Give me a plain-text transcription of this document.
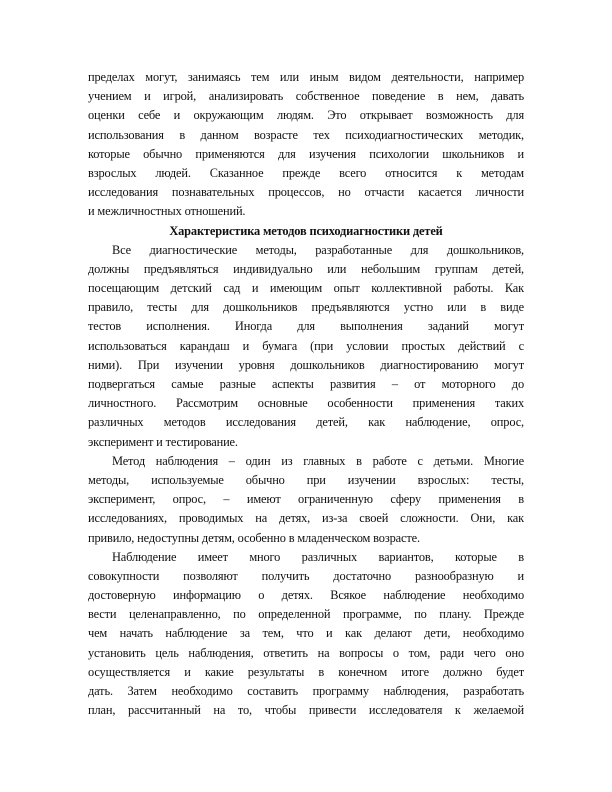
пределах могут, занимаясь тем или иным видом деятельности, например
учением и игрой, анализировать собственное поведение в нем, давать
оценки себе и окружающим людям. Это открывает возможность для
использования в данном возрасте тех психодиагностических методик,
которые обычно применяются для изучения психологии школьников и
взрослых людей. Сказанное прежде всего относится к методам
исследования познавательных процессов, но отчасти касается личности
и межличностных отношений.
Характеристика методов психодиагностики детей
Все диагностические методы, разработанные для дошкольников,
должны предъявляться индивидуально или небольшим группам детей,
посещающим детский сад и имеющим опыт коллективной работы. Как
правило, тесты для дошкольников предъявляются устно или в виде
тестов исполнения. Иногда для выполнения заданий могут
использоваться карандаш и бумага (при условии простых действий с
ними). При изучении уровня дошкольников диагностированию могут
подвергаться самые разные аспекты развития – от моторного до
личностного. Рассмотрим основные особенности применения таких
различных методов исследования детей, как наблюдение, опрос,
эксперимент и тестирование.
Метод наблюдения – один из главных в работе с детьми. Многие
методы, используемые обычно при изучении взрослых: тесты,
эксперимент, опрос, – имеют ограниченную сферу применения в
исследованиях, проводимых на детях, из-за своей сложности. Они, как
привило, недоступны детям, особенно в младенческом возрасте.
Наблюдение имеет много различных вариантов, которые в
совокупности позволяют получить достаточно разнообразную и
достоверную информацию о детях. Всякое наблюдение необходимо
вести целенаправленно, по определенной программе, по плану. Прежде
чем начать наблюдение за тем, что и как делают дети, необходимо
установить цель наблюдения, ответить на вопросы о том, ради чего оно
осуществляется и какие результаты в конечном итоге должно будет
дать. Затем необходимо составить программу наблюдения, разработать
план, рассчитанный на то, чтобы привести исследователя к желаемой
